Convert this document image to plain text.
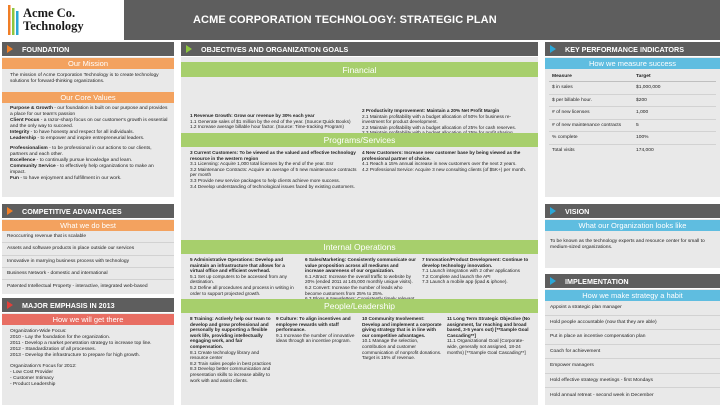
Acme Co.
Technology	ACME CORPORATION TECHNOLOGY: STRATEGIC PLAN
FOUNDATION
Our Mission
The mission of Acme Corporation Technology is to create technology solutions for forward-thinking organizations.
Our Core Values
Purpose & Growth - our foundation is built on our purpose and provides a place for our team's passion
Client Focus - a razor-sharp focus on our customer's growth is essential and the only way to succeed.
Integrity - to have honesty and respect for all individuals.
Leadership - to empower and inspire entrepreneurial leaders.
Professionalism - to be professional in our actions to our clients, partners and each other.
Excellence - to continually pursue knowledge and learn.
Community Service - to effectively help organizations to make an impact.
Fun - to have enjoyment and fulfillment in our work.
COMPETITIVE ADVANTAGES
What we do best
Reoccurring revenue that is scalable
Assets and software products in place outside our services
Innovative in marrying business process with technology
Business Network - domestic and international
Patented Intellectual Property - interactive, integrated web-based
MAJOR EMPHASIS IN 2013
How we will get there
Organization-Wide Focus:
2010 - Lay the foundation for the organization.
2011 - Develop a market penetration strategy to increase top line.
2012 - Standardization of all processes.
2013 - Develop the infrastructure to prepare for high growth.
Organization's Focus for 2012:
- Low Cost Provider
- Customer Intimacy
- Product Leadership
OBJECTIVES AND ORGANIZATION GOALS
Financial
1 Revenue Growth: Grow our revenue by 30% each year
1.1 Generate sales of $1 million by the end of the year. (Source:Quick Books)
1.2 Increase average billable hour factor. (Source: Time-tracking Program)
2 Productivity Improvement: Maintain a 20% Net Profit Margin
2.1 Maintain profitability with a budget allocation of 50% for business re-investment for product development.
2.2 Maintain profitability with a budget allocation of 25% for cash reserves.
Programs/Services
3 Current Customers: To be viewed as the valued and effective technology resource in the western region
3.1 Licensing: Acquire 1,000 total licenses by the end of the year. Esr
3.2 Maintenance Contracts: Acquire an average of 5 new maintenance contracts per month
3.3 Provide new service packages to help clients achieve more success.
3.4 Develop understanding of technological issues faced by existing customers.
4 New Customers: Increase new customer base by being viewed as the professional partner of choice.
4.1 Reach a 15% annual increase in new customers over the next 2 years.
4.2 Professional Service: Acquire 3 new consulting clients (of $5K+) per month.
Internal Operations
5 Administrative Operations: Develop and maintain an infrastructure that allows for a virtual office and efficient overhead.
5.1 Set up computers to be accessed from any destination.
5.2 Define all procedures and process in writing in order to support projected growth.
6 Sales/Marketing: Consistently communicate our value proposition across all mediums and increase awareness of our organization.
6.1 Attract: Increase the overall traffic to website by 20% (ended 2011 at 145,000 monthly unique visits).
6.2 Convert: Increase the number of leads who become customers from 25% to 25%.
7 Innovation/Product Development: Continue to develop technology innovation.
7.1 Launch integration with 2 other applications
7.2 Complete and launch the API
7.3 Launch a mobile app (ipad & iphone).
People/Leadership
8 Training: Actively help our team to develop and grow professional and personally by supporting a flexible work life, providing intellectually engaging work, and fair compensation.
8.1 Create technology library and resource center
8.2 Train sales people in best practices
8.3 Develop better communication and presentation skills to increase ability to work with and assist clients.
9 Culture: To align incentives and employee rewards with staff performance.
9.1 Increase the number of innovative ideas through an incentive program.
10 Community Involvement: Develop and implement a corporate giving strategy that is in line with our competitive advantages.
10.1 Manage the selection, contribution and customer communication of nonprofit donations. Target is 15% of revenue.
11 Long Term Strategic Objective (No assignment, far reaching and broad based, 3-5 years out) [**Sample Goal Cascading**]
11.1 Organizational Goal (Corporate-wide, generally not assigned, 18-24 months) [**Sample Goal Cascading**]
KEY PERFORMANCE INDICATORS
How we measure success
Measure	Target
$ in sales	$1,000,000
$ per billable hour.	$200
# of new licenses	1,000
# of new maintenance contracts	5
% complete	100%
Total visits	174,000
VISION
What our Organization looks like
To be known as the technology experts and resource center for small to medium-sized organizations.
IMPLEMENTATION
How we make strategy a habit
Appoint a strategic plan manager
Hold people accountable (now that they are able)
Put in place an incentive compensation plan
Coach for achievement
Empower managers
Hold effective strategy meetings - first Mondays
Hold annual retreat - second week in December
